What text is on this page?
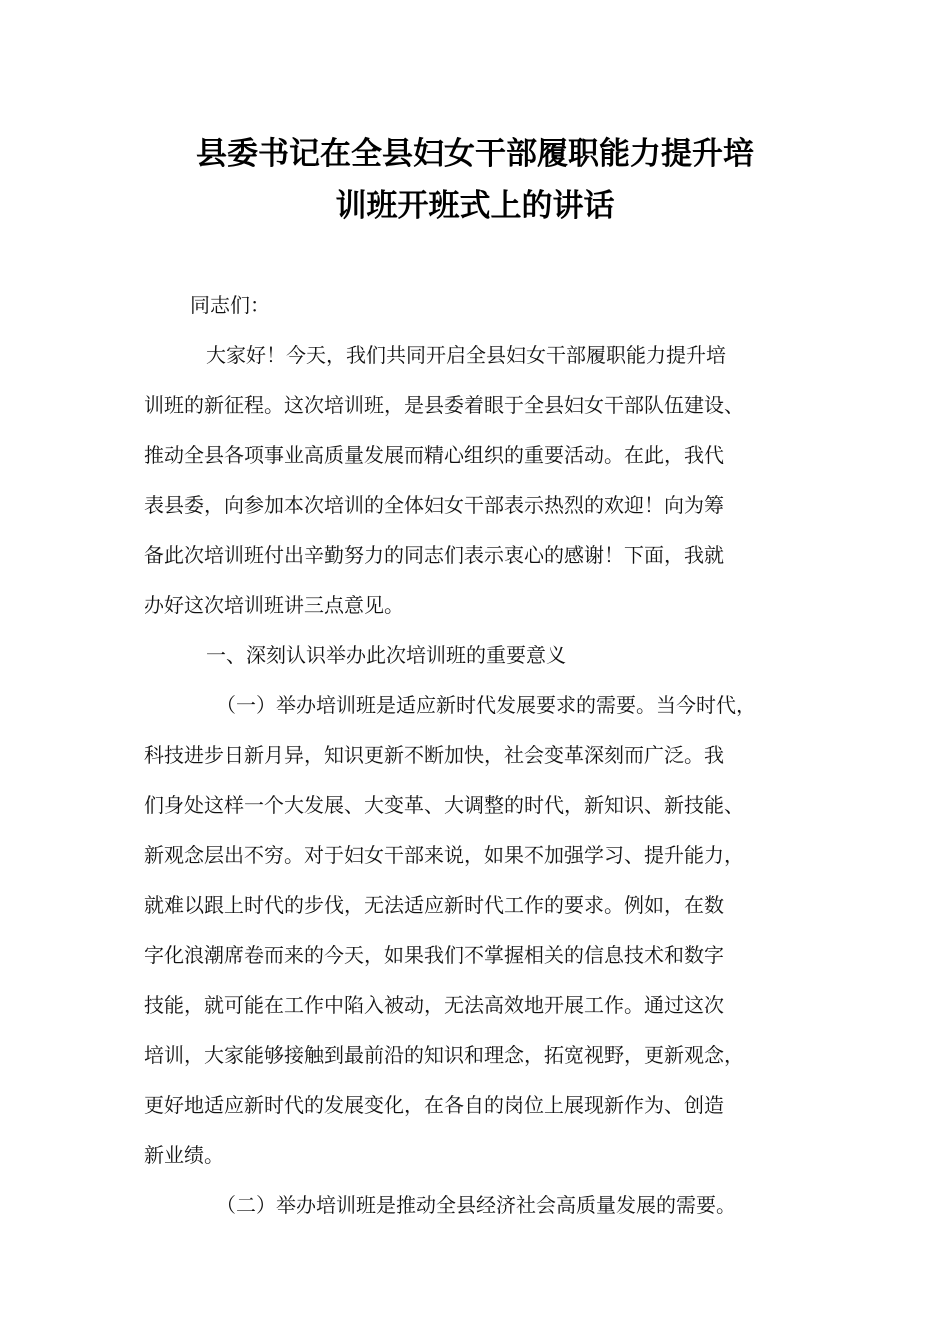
县委书记在全县妇女干部履职能力提升培
训班开班式上的讲话

同志们：

大家好！今天，我们共同开启全县妇女干部履职能力提升培
训班的新征程。这次培训班，是县委着眼于全县妇女干部队伍建设、
推动全县各项事业高质量发展而精心组织的重要活动。在此，我代
表县委，向参加本次培训的全体妇女干部表示热烈的欢迎！向为筹
备此次培训班付出辛勤努力的同志们表示衷心的感谢！下面，我就
办好这次培训班讲三点意见。

一、深刻认识举办此次培训班的重要意义

（一）举办培训班是适应新时代发展要求的需要。当今时代，
科技进步日新月异，知识更新不断加快，社会变革深刻而广泛。我
们身处这样一个大发展、大变革、大调整的时代，新知识、新技能、
新观念层出不穷。对于妇女干部来说，如果不加强学习、提升能力，
就难以跟上时代的步伐，无法适应新时代工作的要求。例如，在数
字化浪潮席卷而来的今天，如果我们不掌握相关的信息技术和数字
技能，就可能在工作中陷入被动，无法高效地开展工作。通过这次
培训，大家能够接触到最前沿的知识和理念，拓宽视野，更新观念，
更好地适应新时代的发展变化，在各自的岗位上展现新作为、创造
新业绩。

（二）举办培训班是推动全县经济社会高质量发展的需要。
